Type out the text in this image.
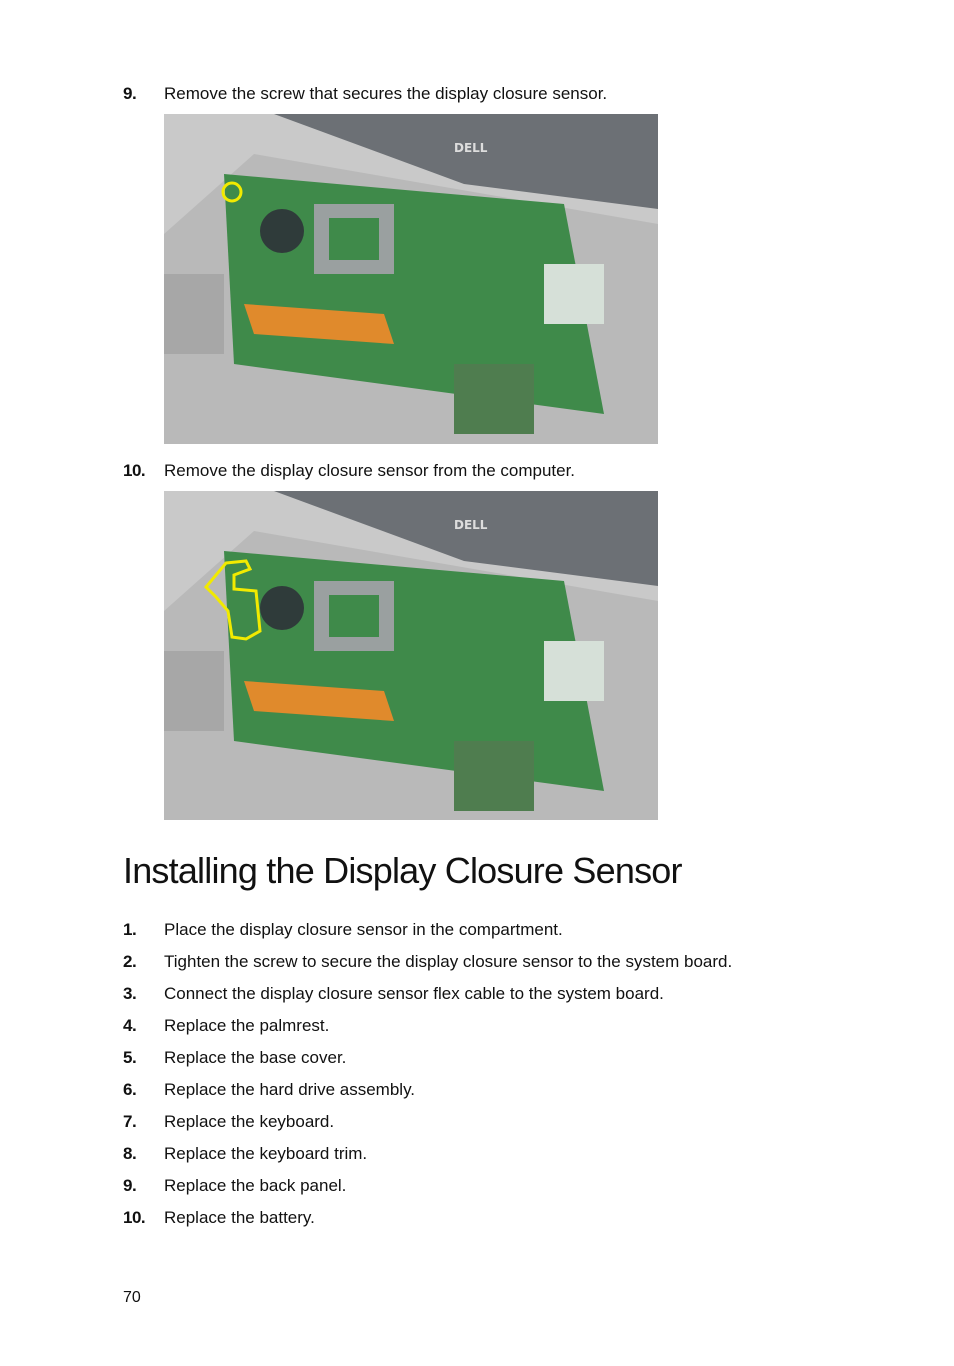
9.	Remove the screw that secures the display closure sensor.
DELL
10.	Remove the display closure sensor from the computer.
DELL
Installing the Display Closure Sensor
1.	Place the display closure sensor in the compartment.
2.	Tighten the screw to secure the display closure sensor to the system board.
3.	Connect the display closure sensor flex cable to the system board.
4.	Replace the palmrest.
5.	Replace the base cover.
6.	Replace the hard drive assembly.
7.	Replace the keyboard.
8.	Replace the keyboard trim.
9.	Replace the back panel.
10.	Replace the battery.
70
